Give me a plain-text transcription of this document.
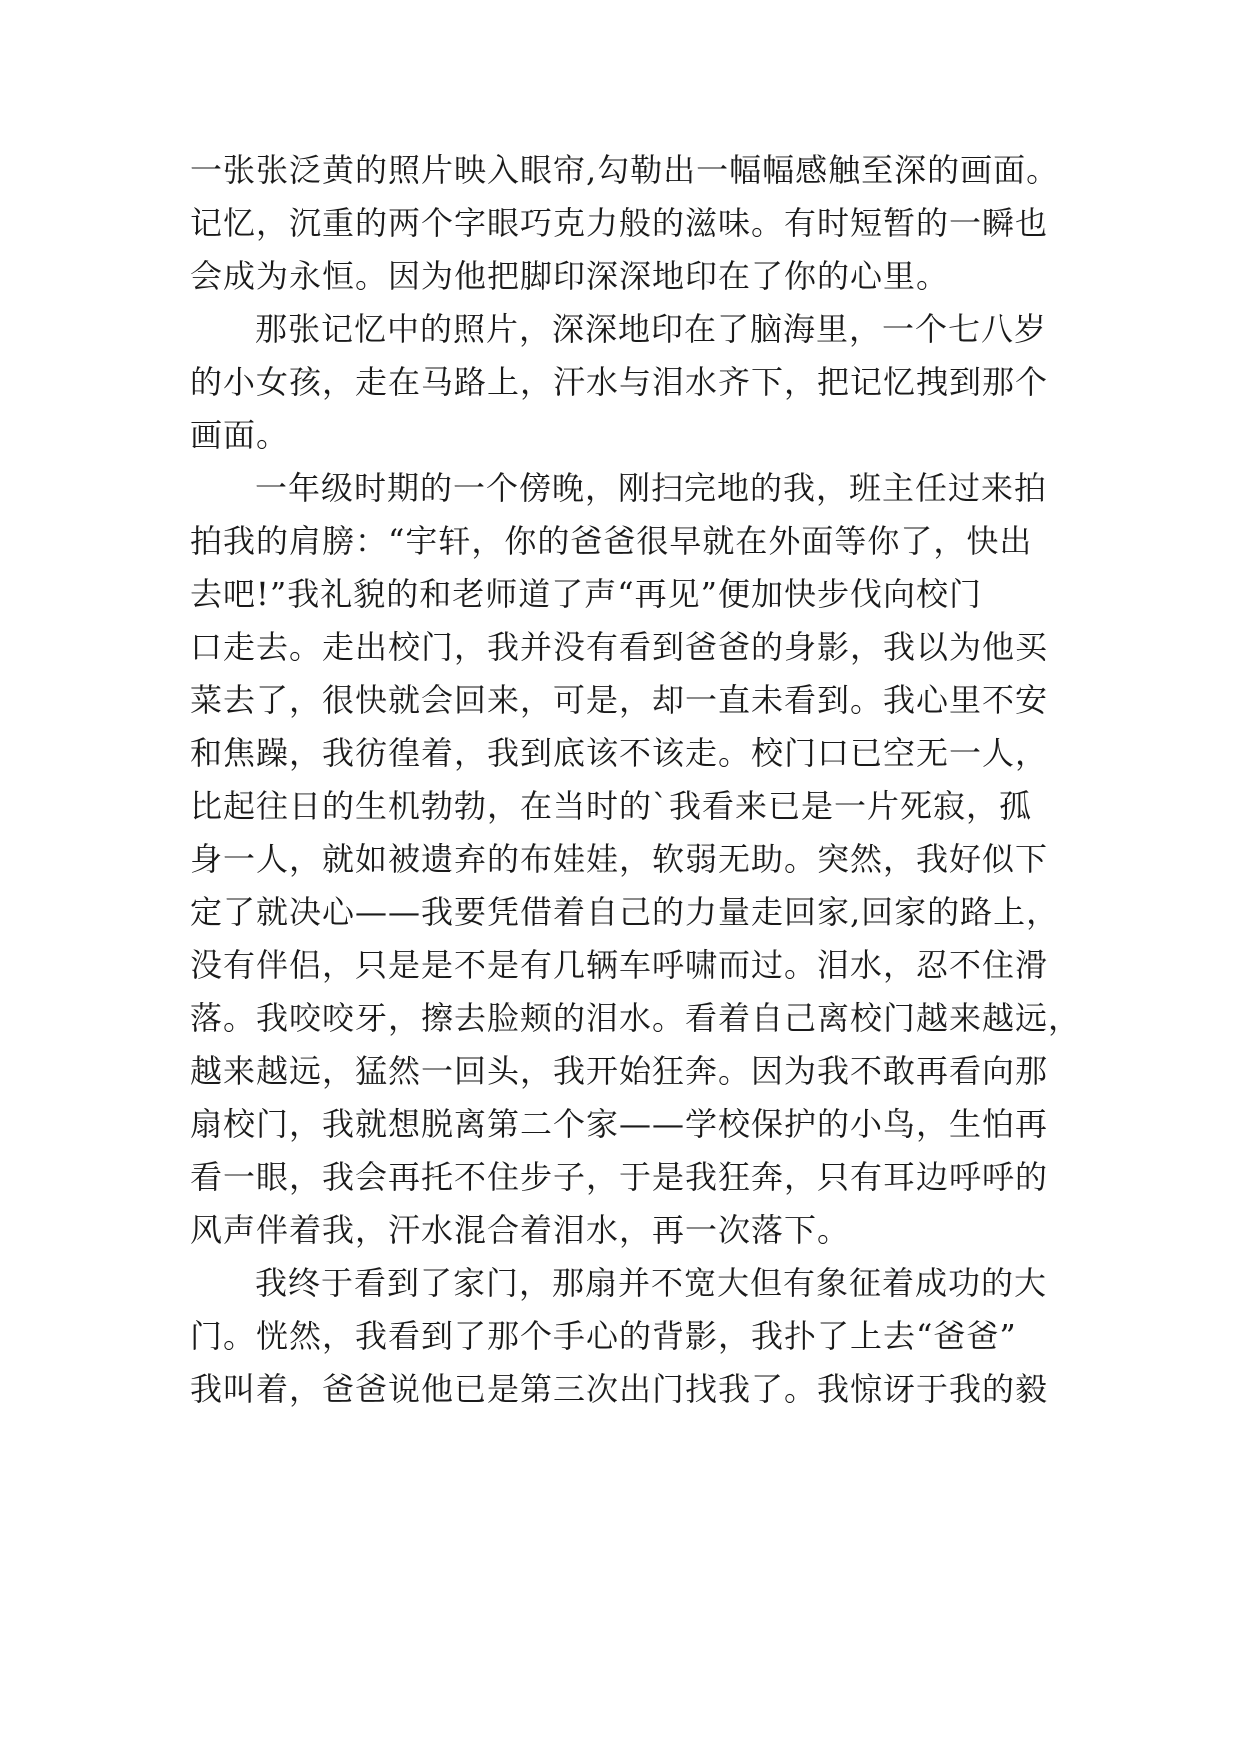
一张张泛黄的照片映入眼帘,勾勒出一幅幅感触至深的画面。
记忆，沉重的两个字眼巧克力般的滋味。有时短暂的一瞬也
会成为永恒。因为他把脚印深深地印在了你的心里。
那张记忆中的照片，深深地印在了脑海里，一个七八岁
的小女孩，走在马路上，汗水与泪水齐下，把记忆拽到那个
画面。
一年级时期的一个傍晚，刚扫完地的我，班主任过来拍
拍我的肩膀：“宇轩，你的爸爸很早就在外面等你了，快出
去吧!”我礼貌的和老师道了声“再见”便加快步伐向校门
口走去。走出校门，我并没有看到爸爸的身影，我以为他买
菜去了，很快就会回来，可是，却一直未看到。我心里不安
和焦躁，我彷徨着，我到底该不该走。校门口已空无一人，
比起往日的生机勃勃，在当时的`我看来已是一片死寂，孤
身一人，就如被遗弃的布娃娃，软弱无助。突然，我好似下
定了就决心——我要凭借着自己的力量走回家,回家的路上，
没有伴侣，只是是不是有几辆车呼啸而过。泪水，忍不住滑
落。我咬咬牙，擦去脸颊的泪水。看着自己离校门越来越远，
越来越远，猛然一回头，我开始狂奔。因为我不敢再看向那
扇校门，我就想脱离第二个家——学校保护的小鸟，生怕再
看一眼，我会再托不住步子，于是我狂奔，只有耳边呼呼的
风声伴着我，汗水混合着泪水，再一次落下。
我终于看到了家门，那扇并不宽大但有象征着成功的大
门。恍然，我看到了那个手心的背影，我扑了上去“爸爸”
我叫着，爸爸说他已是第三次出门找我了。我惊讶于我的毅
